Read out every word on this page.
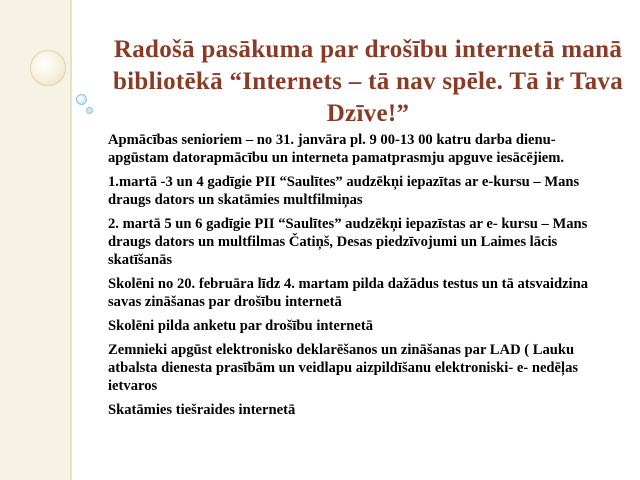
Radošā pasākuma par drošību internetā manā bibliotēkā “Internets – tā nav spēle. Tā ir Tava Dzīve!”

Apmācības senioriem – no 31. janvāra pl. 9 00-13 00 katru darba dienu- apgūstam datorapmācību un interneta pamatprasmju apguve iesācējiem.

1.martā -3 un 4 gadīgie PII “Saulītes” audzēkņi iepazītas ar e-kursu – Mans draugs dators un skatāmies multfilmiņas

2. martā 5 un 6 gadīgie PII “Saulītes” audzēkņi iepazīstas ar e- kursu – Mans draugs dators un multfilmas Čatiņš, Desas piedzīvojumi un Laimes lācis skatīšanās

Skolēni no 20. februāra līdz 4. martam pilda dažādus testus un tā atsvaidzina savas zināšanas par drošību internetā

Skolēni pilda anketu par drošību internetā

Zemnieki apgūst elektronisko deklarēšanos un zināšanas par LAD ( Lauku atbalsta dienesta prasībām un veidlapu aizpildīšanu elektroniski- e- nedēļas ietvaros

Skatāmies tiešraides internetā
